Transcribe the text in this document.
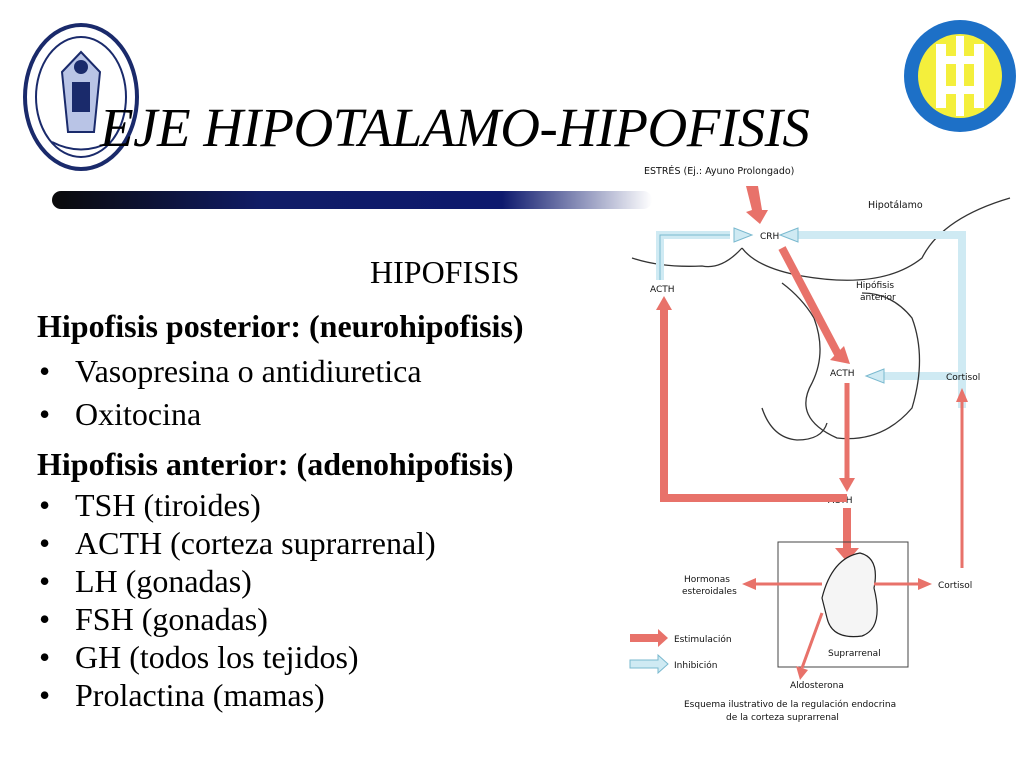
EJE HIPOTALAMO-HIPOFISIS
HIPOFISIS
Hipofisis posterior: (neurohipofisis)
• Vasopresina o antidiuretica
• Oxitocina
Hipofisis anterior: (adenohipofisis)
• TSH (tiroides)
• ACTH (corteza suprarrenal)
• LH (gonadas)
• FSH (gonadas)
• GH (todos los tejidos)
• Prolactina (mamas)
ESTRÉS (Ej.: Ayuno Prolongado)
Hipotálamo
CRH
ACTH	Hipófisis
anterior
ACTH	Cortisol
ACTH
Hormonas
esteroidales
Cortisol
Suprarrenal
Aldosterona
Estimulación
Inhibición
Esquema ilustrativo de la regulación endocrina
de la corteza suprarrenal
